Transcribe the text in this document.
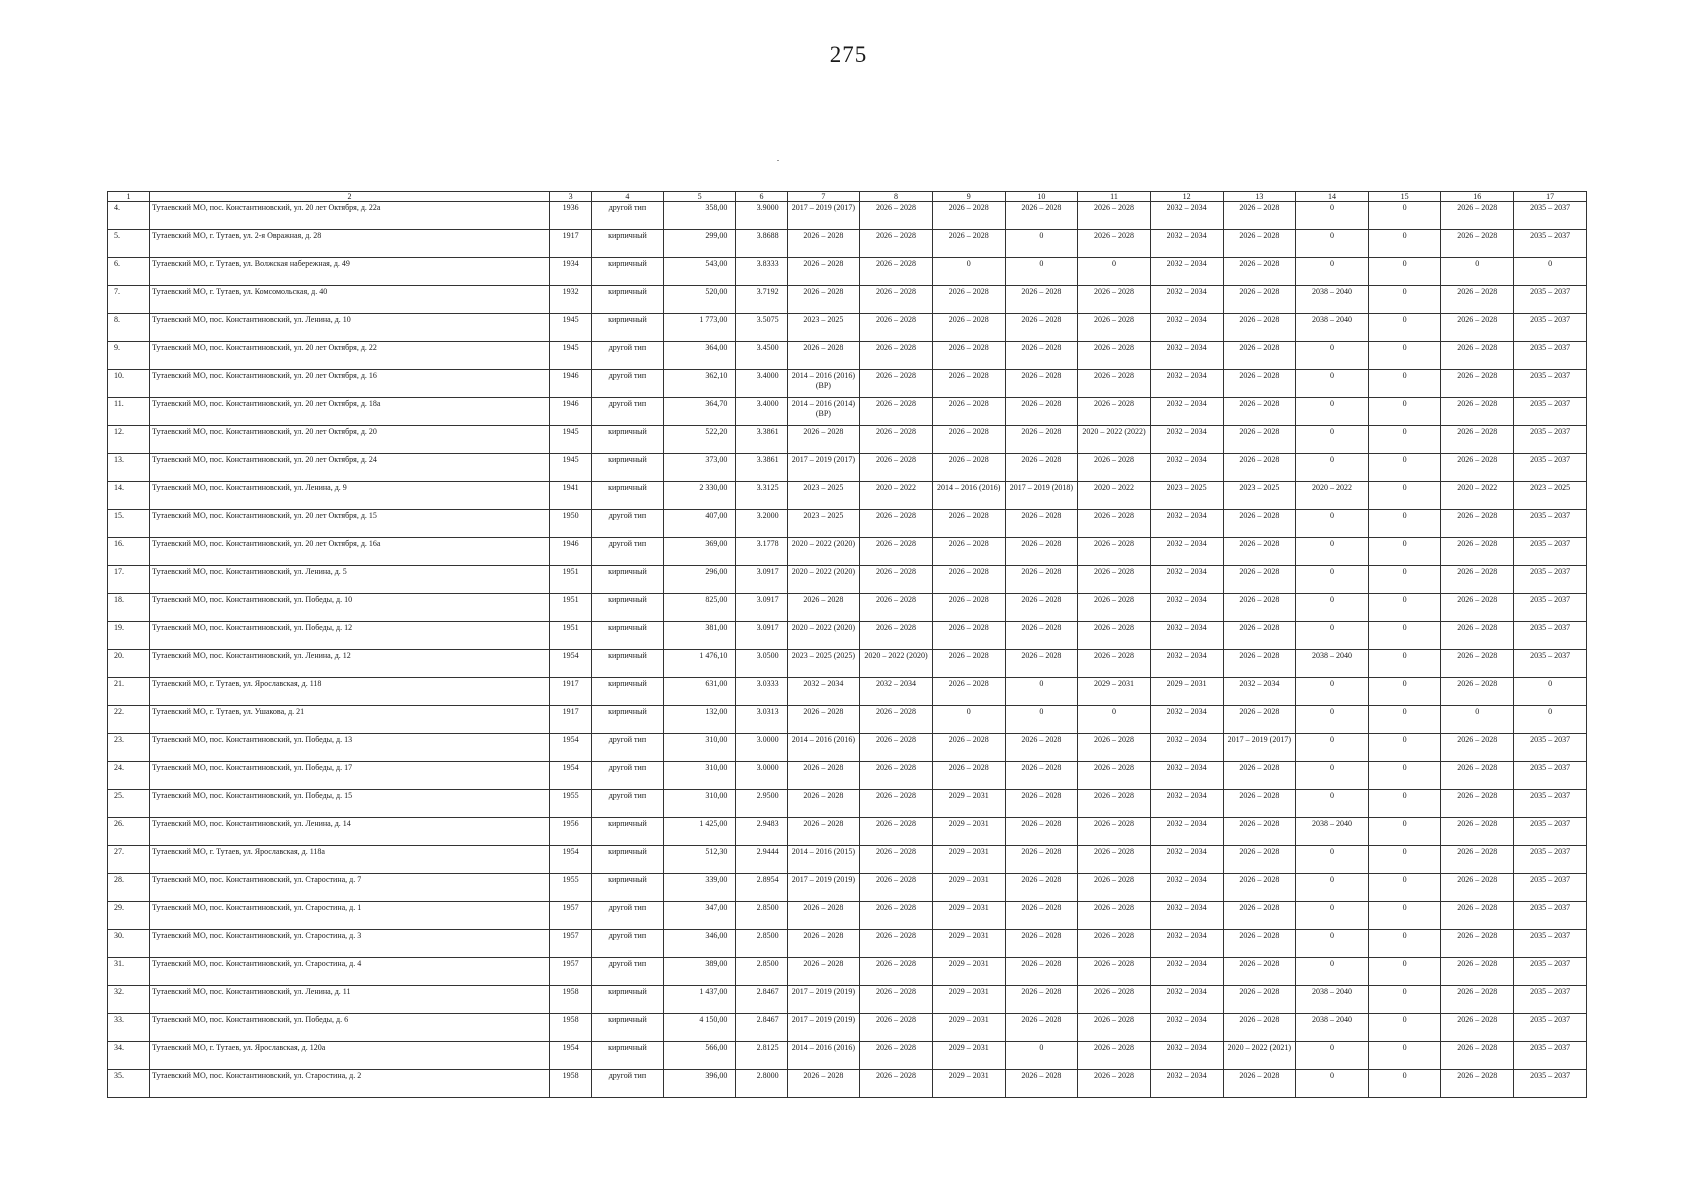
275
1	2	3	4	5	6	7	8	9	10	11	12	13	14	15	16	17
4.	Тутаевский МО, пос. Константиновский, ул. 20 лет Октября, д. 22а	1936	другой тип	358,00	3.9000	2017 – 2019 (2017)	2026 – 2028	2026 – 2028	2026 – 2028	2026 – 2028	2032 – 2034	2026 – 2028	0	0	2026 – 2028	2035 – 2037
5.	Тутаевский МО, г. Тутаев, ул. 2-я Овражная, д. 28	1917	кирпичный	299,00	3.8688	2026 – 2028	2026 – 2028	2026 – 2028	0	2026 – 2028	2032 – 2034	2026 – 2028	0	0	2026 – 2028	2035 – 2037
6.	Тутаевский МО, г. Тутаев, ул. Волжская набережная, д. 49	1934	кирпичный	543,00	3.8333	2026 – 2028	2026 – 2028	0	0	0	2032 – 2034	2026 – 2028	0	0	0	0
7.	Тутаевский МО, г. Тутаев, ул. Комсомольская, д. 40	1932	кирпичный	520,00	3.7192	2026 – 2028	2026 – 2028	2026 – 2028	2026 – 2028	2026 – 2028	2032 – 2034	2026 – 2028	2038 – 2040	0	2026 – 2028	2035 – 2037
8.	Тутаевский МО, пос. Константиновский, ул. Ленина, д. 10	1945	кирпичный	1 773,00	3.5075	2023 – 2025	2026 – 2028	2026 – 2028	2026 – 2028	2026 – 2028	2032 – 2034	2026 – 2028	2038 – 2040	0	2026 – 2028	2035 – 2037
9.	Тутаевский МО, пос. Константиновский, ул. 20 лет Октября, д. 22	1945	другой тип	364,00	3.4500	2026 – 2028	2026 – 2028	2026 – 2028	2026 – 2028	2026 – 2028	2032 – 2034	2026 – 2028	0	0	2026 – 2028	2035 – 2037
10.	Тутаевский МО, пос. Константиновский, ул. 20 лет Октября, д. 16	1946	другой тип	362,10	3.4000	2014 – 2016 (2016) (ВР)	2026 – 2028	2026 – 2028	2026 – 2028	2026 – 2028	2032 – 2034	2026 – 2028	0	0	2026 – 2028	2035 – 2037
11.	Тутаевский МО, пос. Константиновский, ул. 20 лет Октября, д. 18а	1946	другой тип	364,70	3.4000	2014 – 2016 (2014) (ВР)	2026 – 2028	2026 – 2028	2026 – 2028	2026 – 2028	2032 – 2034	2026 – 2028	0	0	2026 – 2028	2035 – 2037
12.	Тутаевский МО, пос. Константиновский, ул. 20 лет Октября, д. 20	1945	кирпичный	522,20	3.3861	2026 – 2028	2026 – 2028	2026 – 2028	2026 – 2028	2020 – 2022 (2022)	2032 – 2034	2026 – 2028	0	0	2026 – 2028	2035 – 2037
13.	Тутаевский МО, пос. Константиновский, ул. 20 лет Октября, д. 24	1945	кирпичный	373,00	3.3861	2017 – 2019 (2017)	2026 – 2028	2026 – 2028	2026 – 2028	2026 – 2028	2032 – 2034	2026 – 2028	0	0	2026 – 2028	2035 – 2037
14.	Тутаевский МО, пос. Константиновский, ул. Ленина, д. 9	1941	кирпичный	2 330,00	3.3125	2023 – 2025	2020 – 2022	2014 – 2016 (2016)	2017 – 2019 (2018)	2020 – 2022	2023 – 2025	2023 – 2025	2020 – 2022	0	2020 – 2022	2023 – 2025
15.	Тутаевский МО, пос. Константиновский, ул. 20 лет Октября, д. 15	1950	другой тип	407,00	3.2000	2023 – 2025	2026 – 2028	2026 – 2028	2026 – 2028	2026 – 2028	2032 – 2034	2026 – 2028	0	0	2026 – 2028	2035 – 2037
16.	Тутаевский МО, пос. Константиновский, ул. 20 лет Октября, д. 16а	1946	другой тип	369,00	3.1778	2020 – 2022 (2020)	2026 – 2028	2026 – 2028	2026 – 2028	2026 – 2028	2032 – 2034	2026 – 2028	0	0	2026 – 2028	2035 – 2037
17.	Тутаевский МО, пос. Константиновский, ул. Ленина, д. 5	1951	кирпичный	296,00	3.0917	2020 – 2022 (2020)	2026 – 2028	2026 – 2028	2026 – 2028	2026 – 2028	2032 – 2034	2026 – 2028	0	0	2026 – 2028	2035 – 2037
18.	Тутаевский МО, пос. Константиновский, ул. Победы, д. 10	1951	кирпичный	825,00	3.0917	2026 – 2028	2026 – 2028	2026 – 2028	2026 – 2028	2026 – 2028	2032 – 2034	2026 – 2028	0	0	2026 – 2028	2035 – 2037
19.	Тутаевский МО, пос. Константиновский, ул. Победы, д. 12	1951	кирпичный	381,00	3.0917	2020 – 2022 (2020)	2026 – 2028	2026 – 2028	2026 – 2028	2026 – 2028	2032 – 2034	2026 – 2028	0	0	2026 – 2028	2035 – 2037
20.	Тутаевский МО, пос. Константиновский, ул. Ленина, д. 12	1954	кирпичный	1 476,10	3.0500	2023 – 2025 (2025)	2020 – 2022 (2020)	2026 – 2028	2026 – 2028	2026 – 2028	2032 – 2034	2026 – 2028	2038 – 2040	0	2026 – 2028	2035 – 2037
21.	Тутаевский МО, г. Тутаев, ул. Ярославская, д. 118	1917	кирпичный	631,00	3.0333	2032 – 2034	2032 – 2034	2026 – 2028	0	2029 – 2031	2029 – 2031	2032 – 2034	0	0	2026 – 2028	0
22.	Тутаевский МО, г. Тутаев, ул. Ушакова, д. 21	1917	кирпичный	132,00	3.0313	2026 – 2028	2026 – 2028	0	0	0	2032 – 2034	2026 – 2028	0	0	0	0
23.	Тутаевский МО, пос. Константиновский, ул. Победы, д. 13	1954	другой тип	310,00	3.0000	2014 – 2016 (2016)	2026 – 2028	2026 – 2028	2026 – 2028	2026 – 2028	2032 – 2034	2017 – 2019 (2017)	0	0	2026 – 2028	2035 – 2037
24.	Тутаевский МО, пос. Константиновский, ул. Победы, д. 17	1954	другой тип	310,00	3.0000	2026 – 2028	2026 – 2028	2026 – 2028	2026 – 2028	2026 – 2028	2032 – 2034	2026 – 2028	0	0	2026 – 2028	2035 – 2037
25.	Тутаевский МО, пос. Константиновский, ул. Победы, д. 15	1955	другой тип	310,00	2.9500	2026 – 2028	2026 – 2028	2029 – 2031	2026 – 2028	2026 – 2028	2032 – 2034	2026 – 2028	0	0	2026 – 2028	2035 – 2037
26.	Тутаевский МО, пос. Константиновский, ул. Ленина, д. 14	1956	кирпичный	1 425,00	2.9483	2026 – 2028	2026 – 2028	2029 – 2031	2026 – 2028	2026 – 2028	2032 – 2034	2026 – 2028	2038 – 2040	0	2026 – 2028	2035 – 2037
27.	Тутаевский МО, г. Тутаев, ул. Ярославская, д. 118а	1954	кирпичный	512,30	2.9444	2014 – 2016 (2015)	2026 – 2028	2029 – 2031	2026 – 2028	2026 – 2028	2032 – 2034	2026 – 2028	0	0	2026 – 2028	2035 – 2037
28.	Тутаевский МО, пос. Константиновский, ул. Старостина, д. 7	1955	кирпичный	339,00	2.8954	2017 – 2019 (2019)	2026 – 2028	2029 – 2031	2026 – 2028	2026 – 2028	2032 – 2034	2026 – 2028	0	0	2026 – 2028	2035 – 2037
29.	Тутаевский МО, пос. Константиновский, ул. Старостина, д. 1	1957	другой тип	347,00	2.8500	2026 – 2028	2026 – 2028	2029 – 2031	2026 – 2028	2026 – 2028	2032 – 2034	2026 – 2028	0	0	2026 – 2028	2035 – 2037
30.	Тутаевский МО, пос. Константиновский, ул. Старостина, д. 3	1957	другой тип	346,00	2.8500	2026 – 2028	2026 – 2028	2029 – 2031	2026 – 2028	2026 – 2028	2032 – 2034	2026 – 2028	0	0	2026 – 2028	2035 – 2037
31.	Тутаевский МО, пос. Константиновский, ул. Старостина, д. 4	1957	другой тип	389,00	2.8500	2026 – 2028	2026 – 2028	2029 – 2031	2026 – 2028	2026 – 2028	2032 – 2034	2026 – 2028	0	0	2026 – 2028	2035 – 2037
32.	Тутаевский МО, пос. Константиновский, ул. Ленина, д. 11	1958	кирпичный	1 437,00	2.8467	2017 – 2019 (2019)	2026 – 2028	2029 – 2031	2026 – 2028	2026 – 2028	2032 – 2034	2026 – 2028	2038 – 2040	0	2026 – 2028	2035 – 2037
33.	Тутаевский МО, пос. Константиновский, ул. Победы, д. 6	1958	кирпичный	4 150,00	2.8467	2017 – 2019 (2019)	2026 – 2028	2029 – 2031	2026 – 2028	2026 – 2028	2032 – 2034	2026 – 2028	2038 – 2040	0	2026 – 2028	2035 – 2037
34.	Тутаевский МО, г. Тутаев, ул. Ярославская, д. 120а	1954	кирпичный	566,00	2.8125	2014 – 2016 (2016)	2026 – 2028	2029 – 2031	0	2026 – 2028	2032 – 2034	2020 – 2022 (2021)	0	0	2026 – 2028	2035 – 2037
35.	Тутаевский МО, пос. Константиновский, ул. Старостина, д. 2	1958	другой тип	396,00	2.8000	2026 – 2028	2026 – 2028	2029 – 2031	2026 – 2028	2026 – 2028	2032 – 2034	2026 – 2028	0	0	2026 – 2028	2035 – 2037
